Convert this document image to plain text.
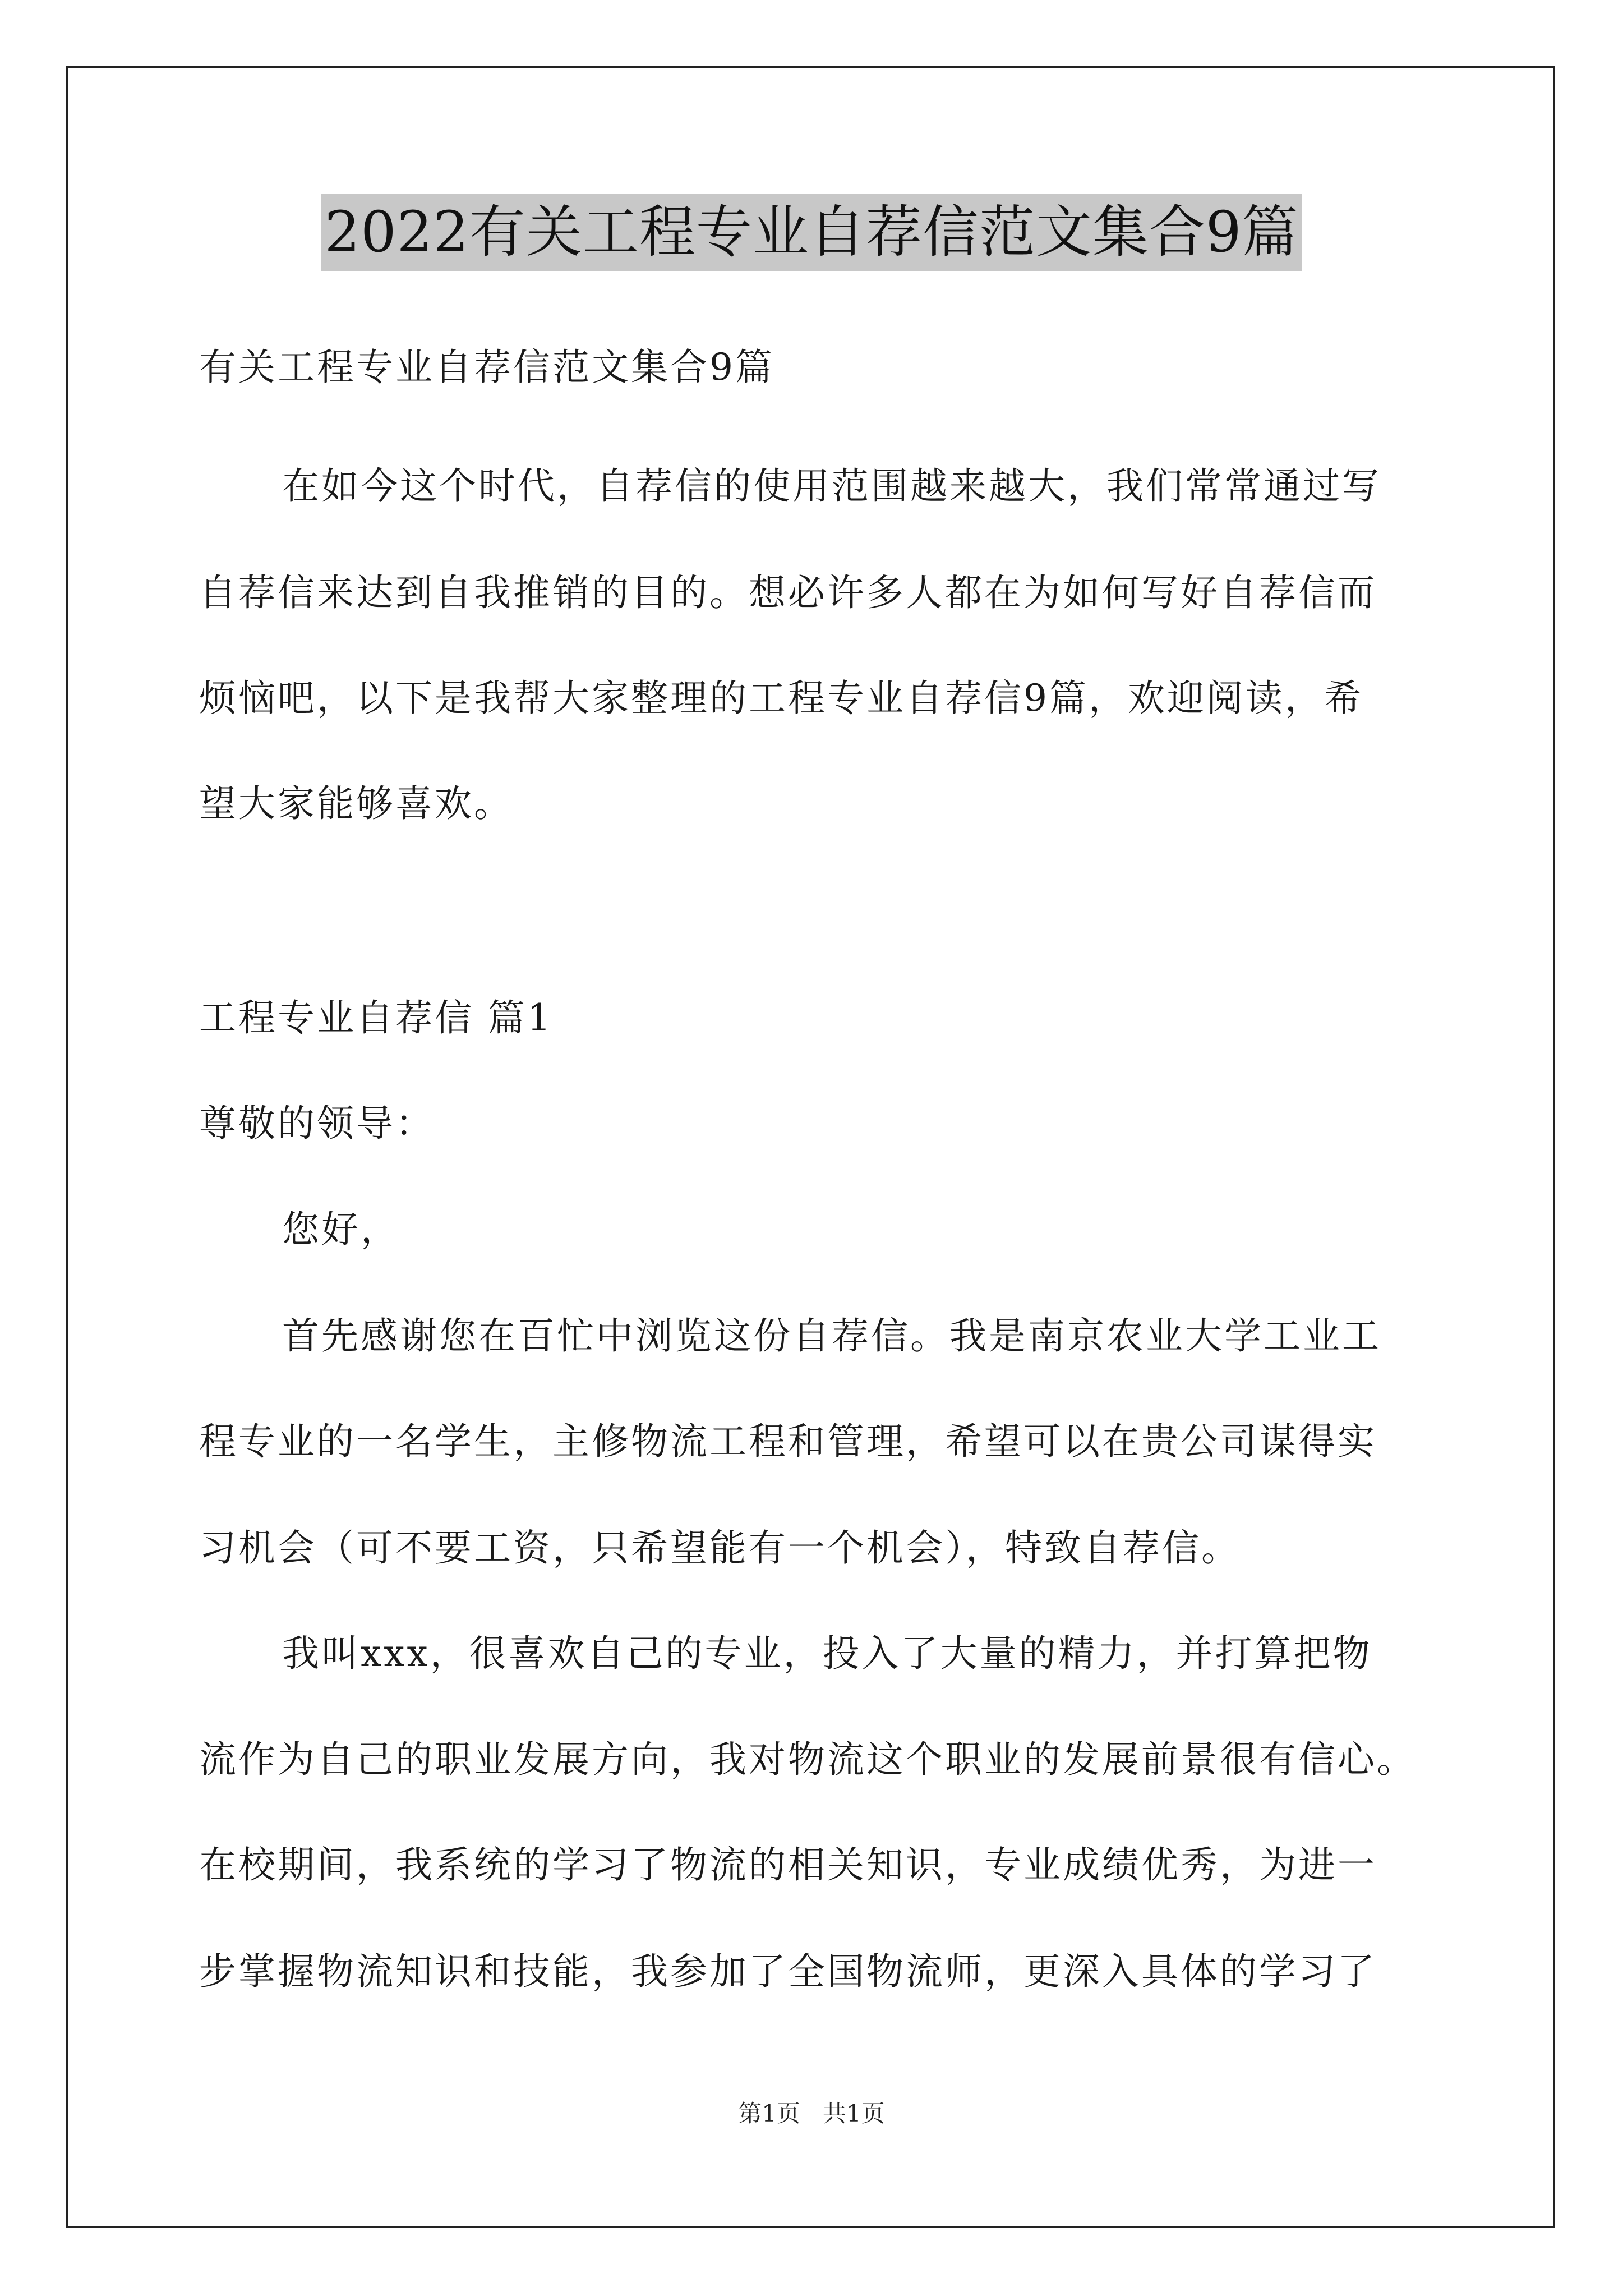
2022有关工程专业自荐信范文集合9篇
有关工程专业自荐信范文集合9篇
在如今这个时代，自荐信的使用范围越来越大，我们常常通过写
自荐信来达到自我推销的目的。想必许多人都在为如何写好自荐信而
烦恼吧，以下是我帮大家整理的工程专业自荐信9篇，欢迎阅读，希
望大家能够喜欢。
工程专业自荐信 篇1
尊敬的领导：
您好，
首先感谢您在百忙中浏览这份自荐信。我是南京农业大学工业工
程专业的一名学生，主修物流工程和管理，希望可以在贵公司谋得实
习机会（可不要工资，只希望能有一个机会），特致自荐信。
我叫xxx，很喜欢自己的专业，投入了大量的精力，并打算把物
流作为自己的职业发展方向，我对物流这个职业的发展前景很有信心。
在校期间，我系统的学习了物流的相关知识，专业成绩优秀，为进一
步掌握物流知识和技能，我参加了全国物流师，更深入具体的学习了
第1页   共1页
